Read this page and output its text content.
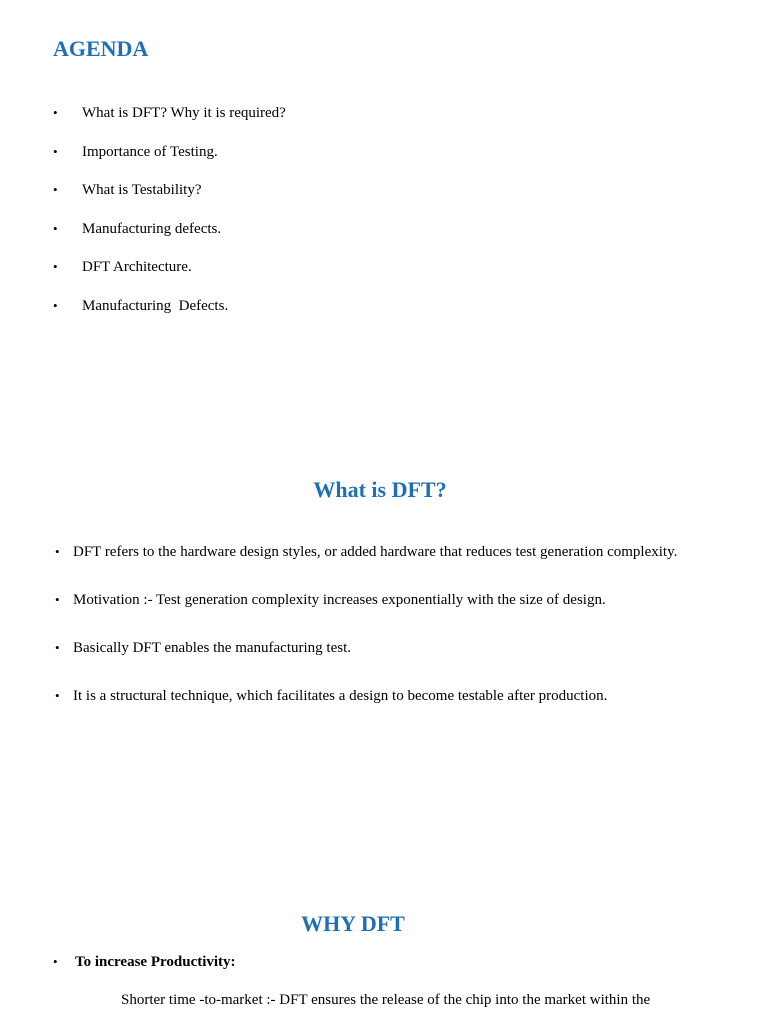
AGENDA
• What is DFT? Why it is required?
• Importance of Testing.
• What is Testability?
• Manufacturing defects.
• DFT Architecture.
• Manufacturing  Defects.
What is DFT?
• DFT refers to the hardware design styles, or added hardware that reduces test generation complexity.
• Motivation :- Test generation complexity increases exponentially with the size of design.
• Basically DFT enables the manufacturing test.
• It is a structural technique, which facilitates a design to become testable after production.
WHY DFT
• To increase Productivity:
Shorter time -to-market :- DFT ensures the release of the chip into the market within the
